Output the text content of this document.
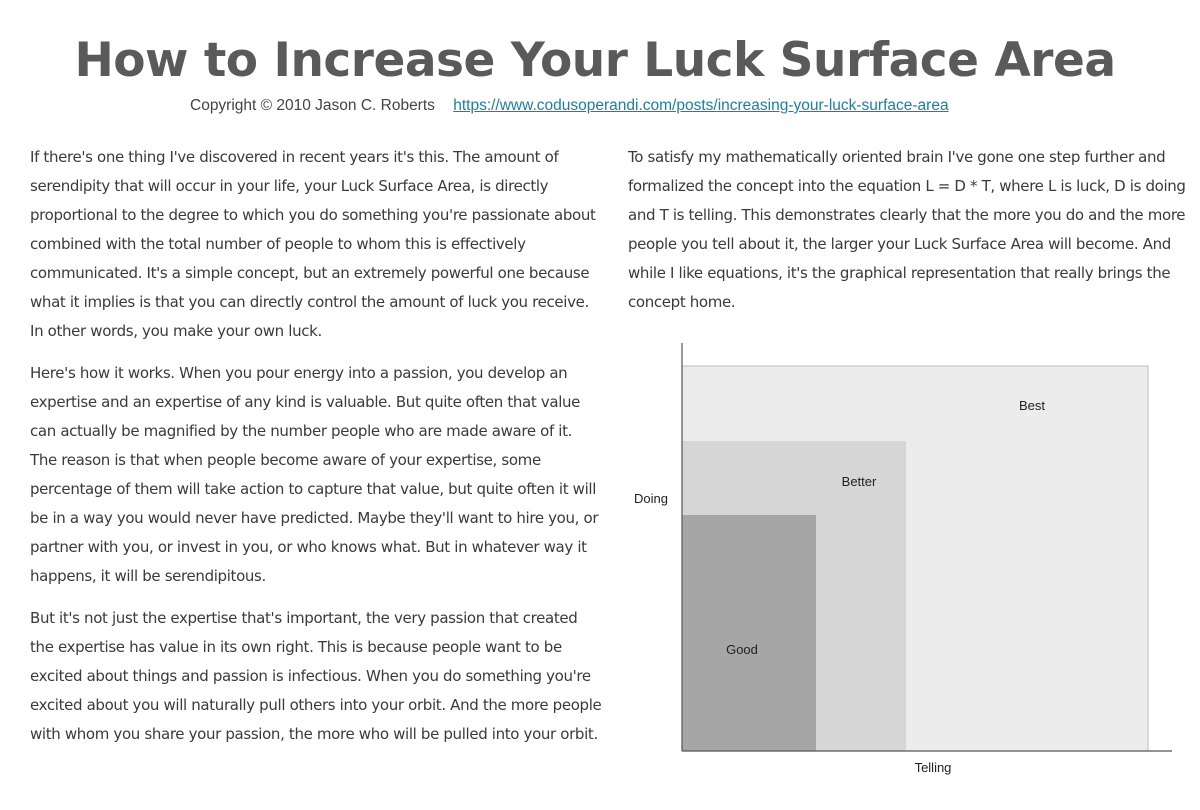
How to Increase Your Luck Surface Area
Copyright © 2010 Jason C. Roberts https://www.codusoperandi.com/posts/increasing-your-luck-surface-area

If there's one thing I've discovered in recent years it's this. The amount of serendipity that will occur in your life, your Luck Surface Area, is directly proportional to the degree to which you do something you're passionate about combined with the total number of people to whom this is effectively communicated. It's a simple concept, but an extremely powerful one because what it implies is that you can directly control the amount of luck you receive. In other words, you make your own luck.

Here's how it works. When you pour energy into a passion, you develop an expertise and an expertise of any kind is valuable. But quite often that value can actually be magnified by the number people who are made aware of it. The reason is that when people become aware of your expertise, some percentage of them will take action to capture that value, but quite often it will be in a way you would never have predicted. Maybe they'll want to hire you, or partner with you, or invest in you, or who knows what. But in whatever way it happens, it will be serendipitous.

But it's not just the expertise that's important, the very passion that created the expertise has value in its own right. This is because people want to be excited about things and passion is infectious. When you do something you're excited about you will naturally pull others into your orbit. And the more people with whom you share your passion, the more who will be pulled into your orbit.

To satisfy my mathematically oriented brain I've gone one step further and formalized the concept into the equation L = D * T, where L is luck, D is doing and T is telling. This demonstrates clearly that the more you do and the more people you tell about it, the larger your Luck Surface Area will become. And while I like equations, it's the graphical representation that really brings the concept home.

Best
Better
Good
Doing
Telling
